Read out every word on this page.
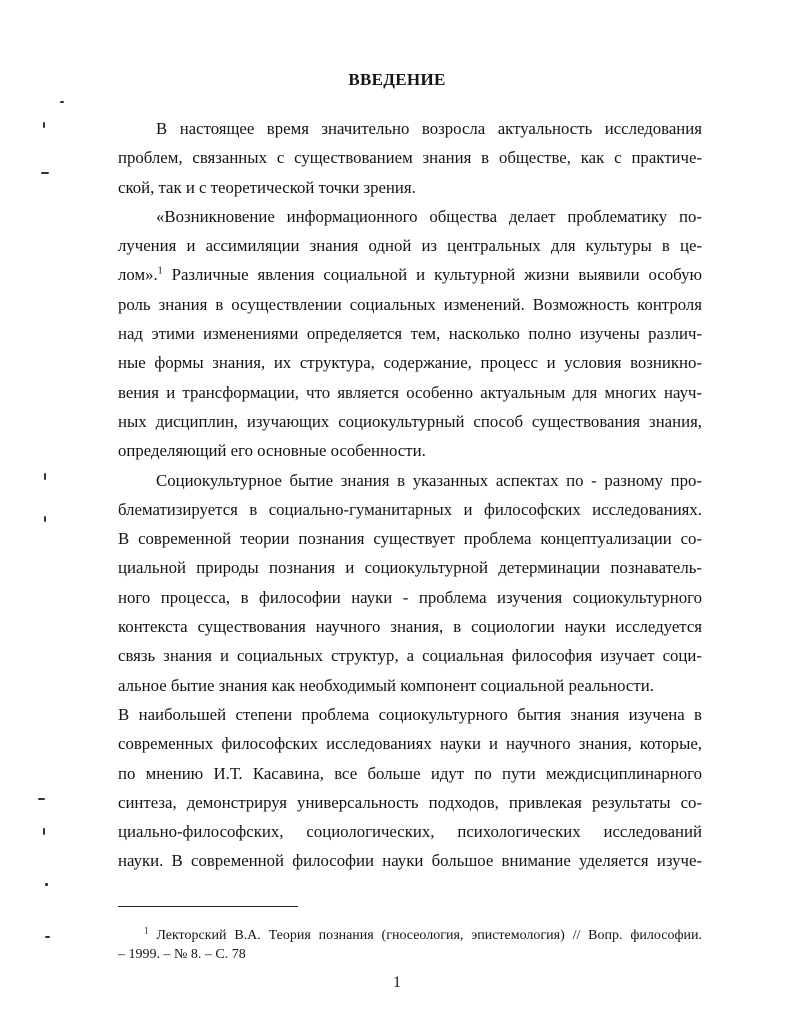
ВВЕДЕНИЕ
В настоящее время значительно возросла актуальность исследования
проблем, связанных с существованием знания в обществе, как с практиче-
ской, так и с теоретической точки зрения.
«Возникновение информационного общества делает проблематику по-
лучения и ассимиляции знания одной из центральных для культуры в це-
лом».$^1$ Различные явления социальной и культурной жизни выявили особую
роль знания в осуществлении социальных изменений. Возможность контроля
над этими изменениями определяется тем, насколько полно изучены различ-
ные формы знания, их структура, содержание, процесс и условия возникно-
вения и трансформации, что является особенно актуальным для многих науч-
ных дисциплин, изучающих социокультурный способ существования знания,
определяющий его основные особенности.
Социокультурное бытие знания в указанных аспектах по - разному про-
блематизируется в социально-гуманитарных и философских исследованиях.
В современной теории познания существует проблема концептуализации со-
циальной природы познания и социокультурной детерминации познаватель-
ного процесса, в философии науки - проблема изучения социокультурного
контекста существования научного знания, в социологии науки исследуется
связь знания и социальных структур, а социальная философия изучает соци-
альное бытие знания как необходимый компонент социальной реальности.
В наибольшей степени проблема социокультурного бытия знания изучена в
современных философских исследованиях науки и научного знания, которые,
по мнению И.Т. Касавина, все больше идут по пути междисциплинарного
синтеза, демонстрируя универсальность подходов, привлекая результаты со-
циально-философских, социологических, психологических исследований
науки. В современной философии науки большое внимание уделяется изуче-
$^1$ Лекторский В.А. Теория познания (гносеология, эпистемология) // Вопр. философии.
– 1999. – № 8. – С. 78
1
